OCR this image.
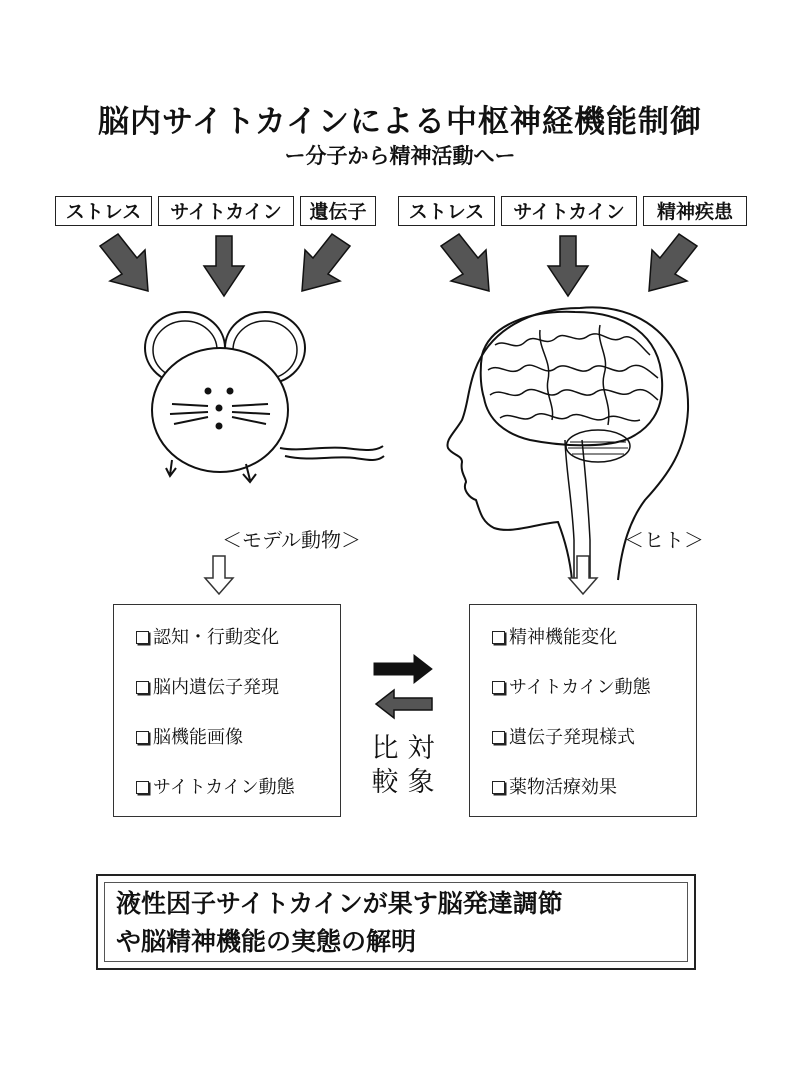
脳内サイトカインによる中枢神経機能制御
ー分子から精神活動へー
ストレス	サイトカイン	遺伝子	ストレス	サイトカイン	精神疾患
＜モデル動物＞	＜ヒト＞
認知・行動変化
脳内遺伝子発現
脳機能画像
サイトカイン動態
精神機能変化
サイトカイン動態
遺伝子発現様式
薬物活療効果
比
較
対
象
液性因子サイトカインが果す脳発達調節
や脳精神機能の実態の解明
